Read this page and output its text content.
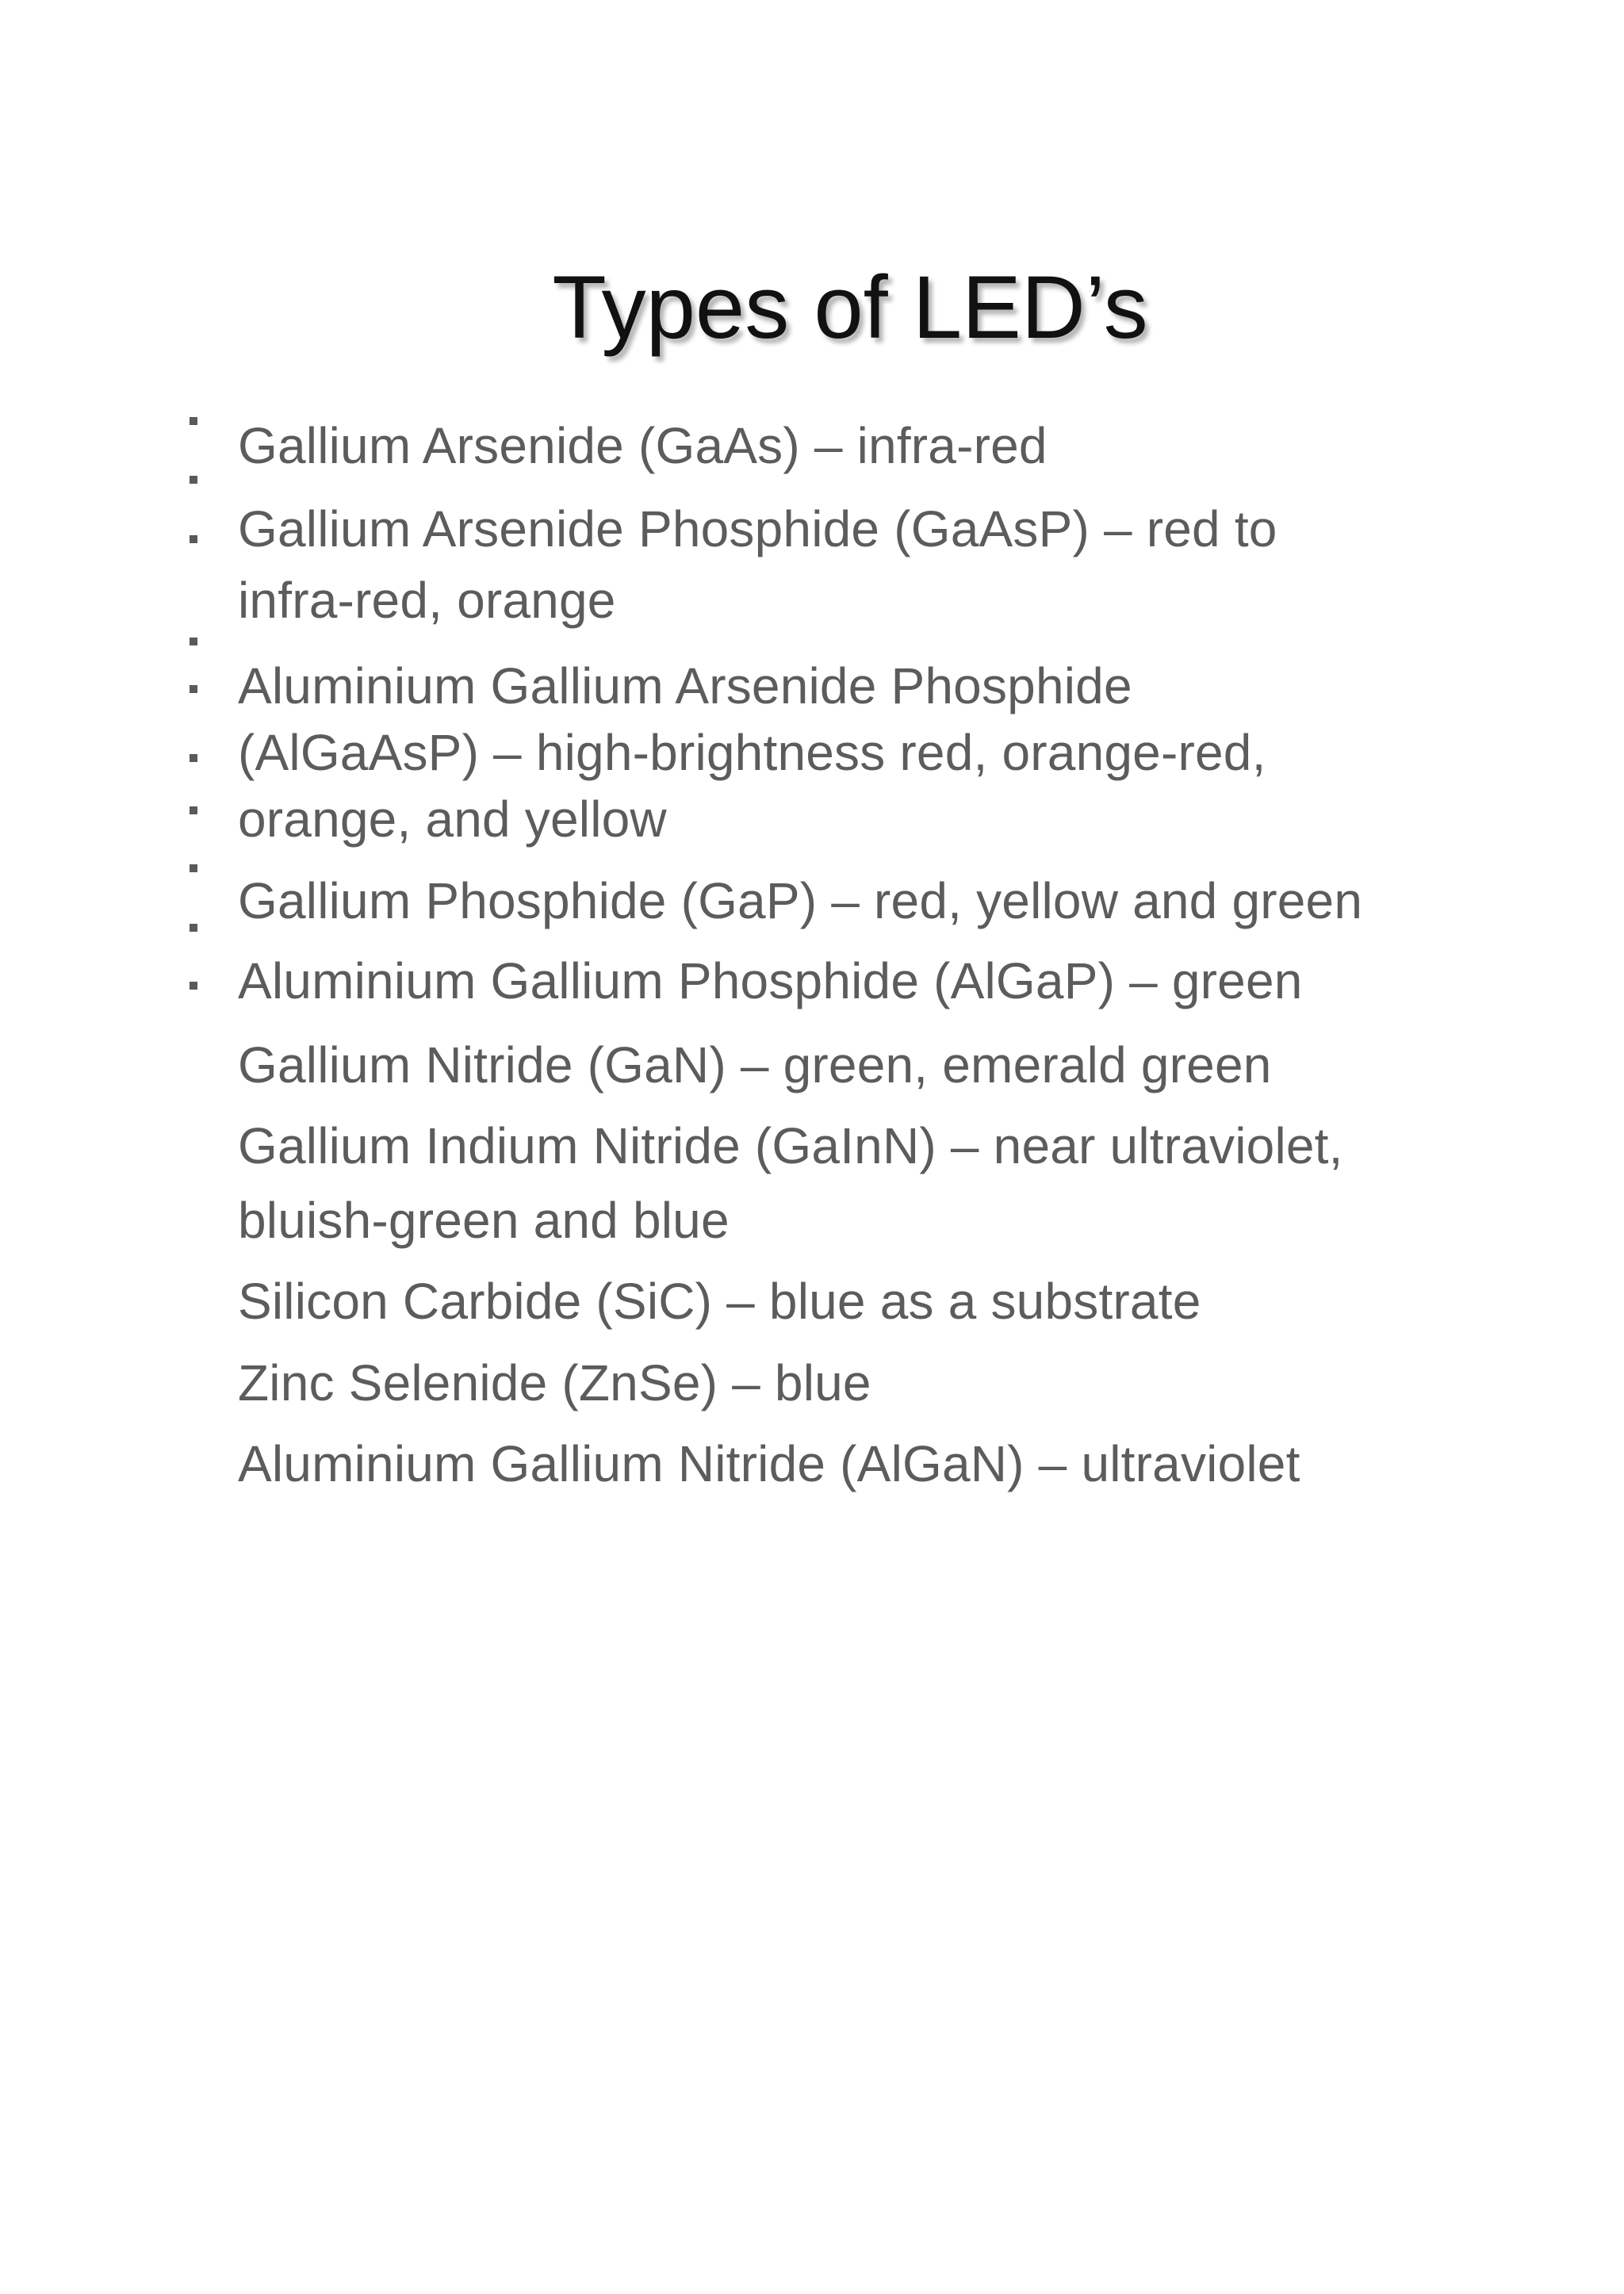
Types of LED’s
Gallium Arsenide (GaAs) – infra-red
Gallium Arsenide Phosphide (GaAsP) – red to
infra-red, orange
Aluminium Gallium Arsenide Phosphide
(AlGaAsP) – high-brightness red, orange-red,
orange, and yellow
Gallium Phosphide (GaP) – red, yellow and green
Aluminium Gallium Phosphide (AlGaP) – green
Gallium Nitride (GaN) – green, emerald green
Gallium Indium Nitride (GaInN) – near ultraviolet,
bluish-green and blue
Silicon Carbide (SiC) – blue as a substrate
Zinc Selenide (ZnSe) – blue
Aluminium Gallium Nitride (AlGaN) – ultraviolet
